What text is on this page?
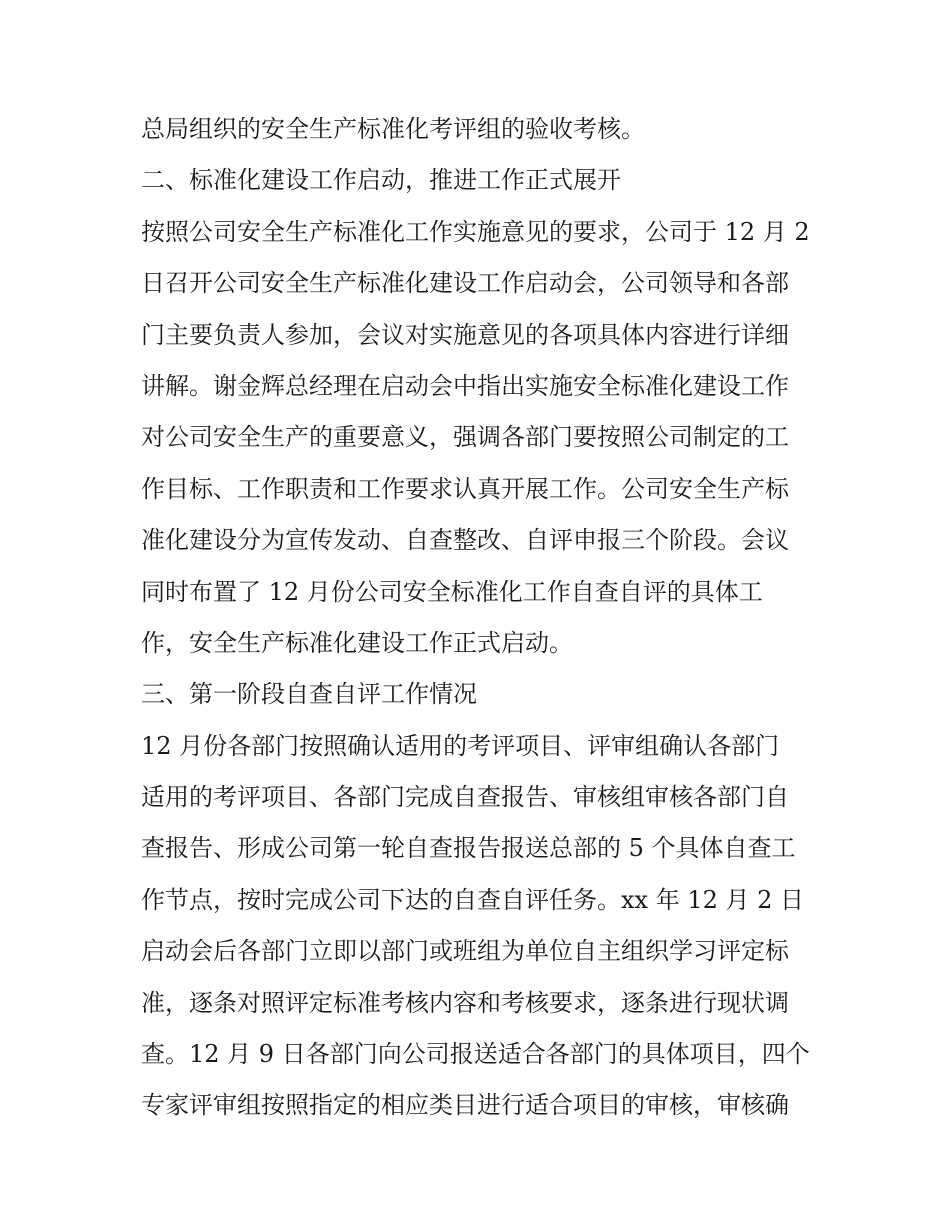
总局组织的安全生产标准化考评组的验收考核。
二、标准化建设工作启动，推进工作正式展开
按照公司安全生产标准化工作实施意见的要求，公司于 12 月 2
日召开公司安全生产标准化建设工作启动会，公司领导和各部
门主要负责人参加，会议对实施意见的各项具体内容进行详细
讲解。谢金辉总经理在启动会中指出实施安全标准化建设工作
对公司安全生产的重要意义，强调各部门要按照公司制定的工
作目标、工作职责和工作要求认真开展工作。公司安全生产标
准化建设分为宣传发动、自查整改、自评申报三个阶段。会议
同时布置了 12 月份公司安全标准化工作自查自评的具体工
作，安全生产标准化建设工作正式启动。
三、第一阶段自查自评工作情况
12 月份各部门按照确认适用的考评项目、评审组确认各部门
适用的考评项目、各部门完成自查报告、审核组审核各部门自
查报告、形成公司第一轮自查报告报送总部的 5 个具体自查工
作节点，按时完成公司下达的自查自评任务。xx 年 12 月 2 日
启动会后各部门立即以部门或班组为单位自主组织学习评定标
准，逐条对照评定标准考核内容和考核要求，逐条进行现状调
查。12 月 9 日各部门向公司报送适合各部门的具体项目，四个
专家评审组按照指定的相应类目进行适合项目的审核，审核确
